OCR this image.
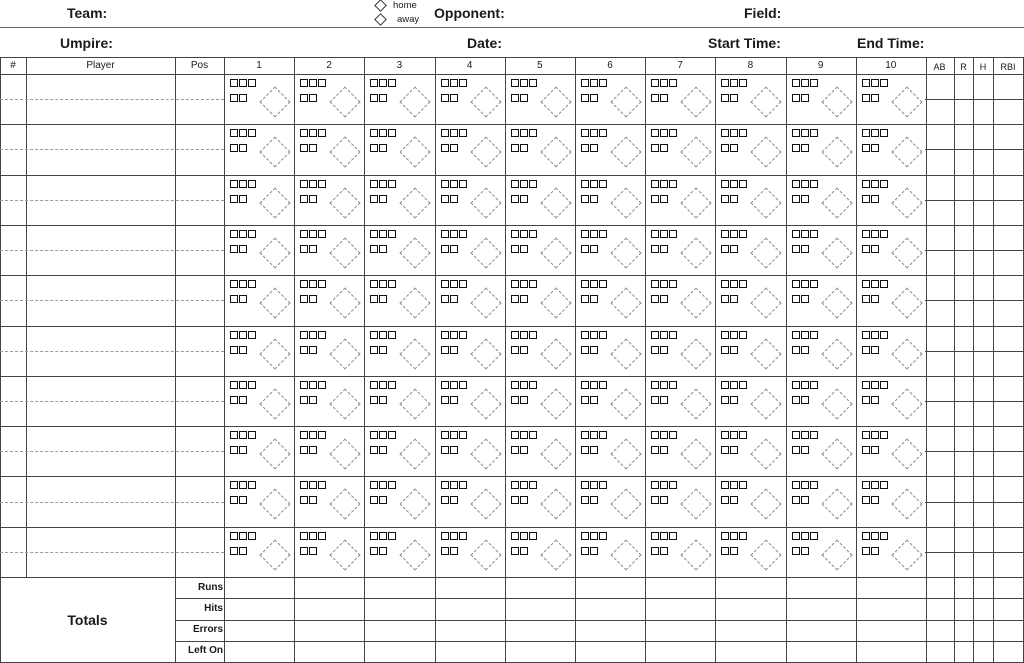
Team:	home
away Opponent:	Field:
Umpire:	Date:	Start Time:	End Time:
#	Player	Pos	1	2	3	4	5	6	7	8	9	10	AB	R	H	RBI
Totals
Runs
Hits
Errors
Left On
